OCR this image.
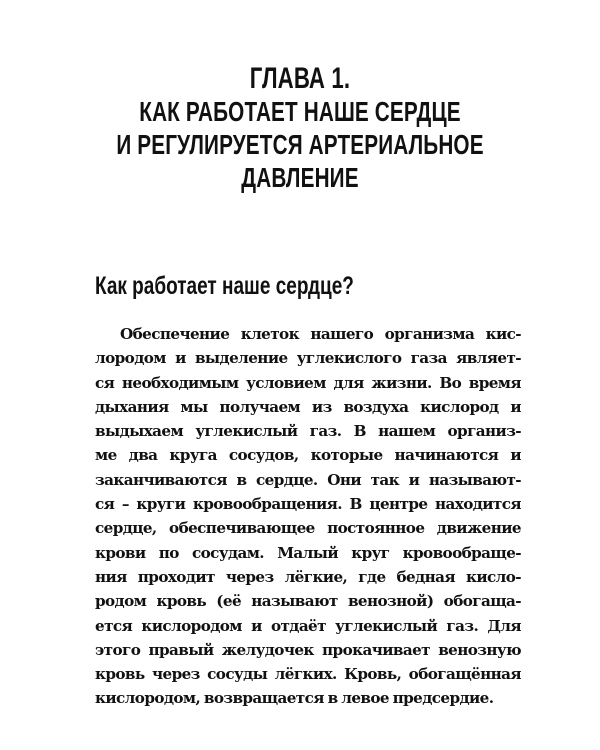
ГЛАВА 1.
КАК РАБОТАЕТ НАШЕ СЕРДЦЕ
И РЕГУЛИРУЕТСЯ АРТЕРИАЛЬНОЕ
ДАВЛЕНИЕ
Как работает наше сердце?
Обеспечение клеток нашего организма кис-
лородом и выделение углекислого газа являет-
ся необходимым условием для жизни. Во время
дыхания мы получаем из воздуха кислород и
выдыхаем углекислый газ. В нашем организ-
ме два круга сосудов, которые начинаются и
заканчиваются в сердце. Они так и называют-
ся – круги кровообращения. В центре находится
сердце, обеспечивающее постоянное движение
крови по сосудам. Малый круг кровообраще-
ния проходит через лёгкие, где бедная кисло-
родом кровь (её называют венозной) обогаща-
ется кислородом и отдаёт углекислый газ. Для
этого правый желудочек прокачивает венозную
кровь через сосуды лёгких. Кровь, обогащённая
кислородом, возвращается в левое предсердие.
